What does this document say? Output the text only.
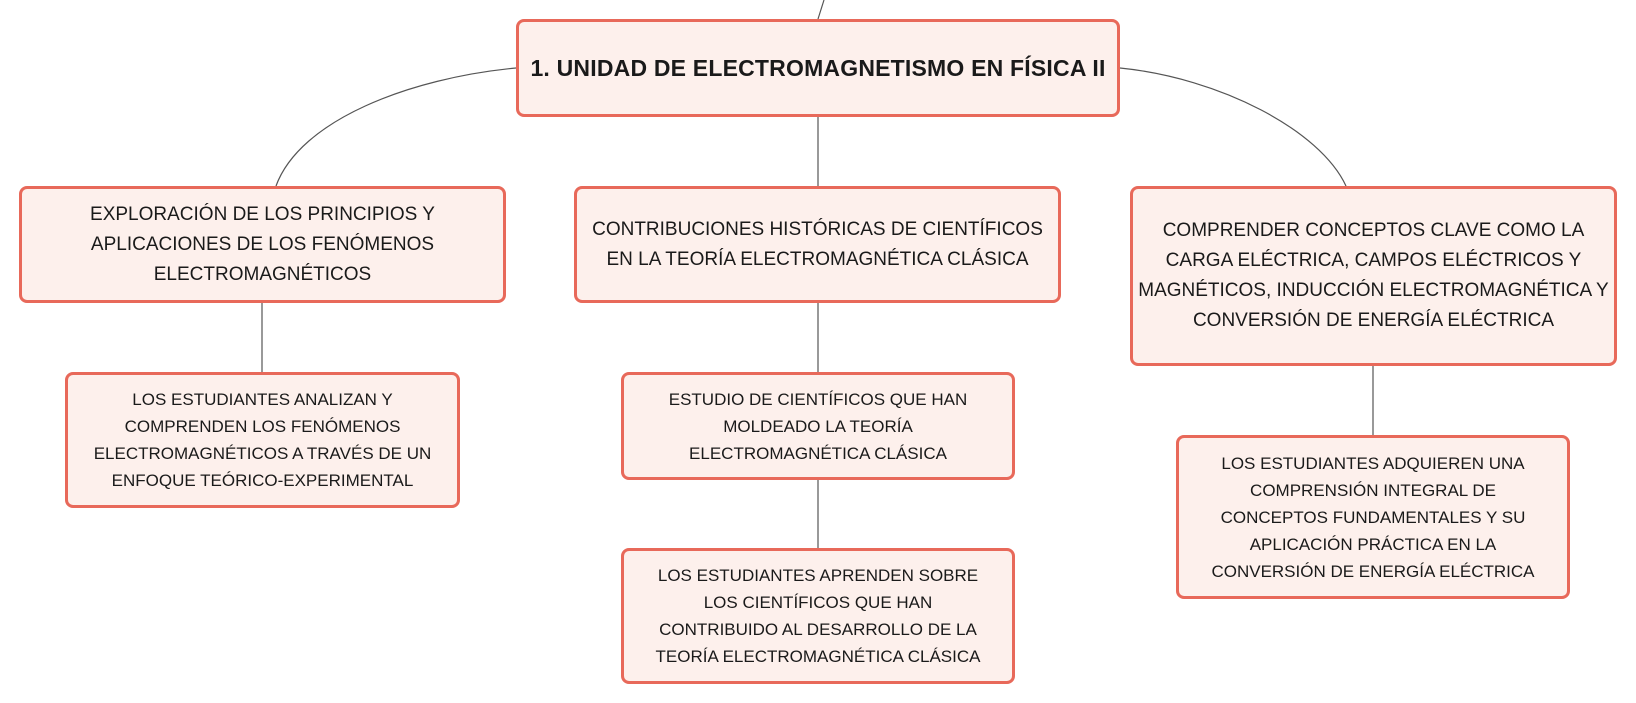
1. UNIDAD DE ELECTROMAGNETISMO EN FÍSICA II
EXPLORACIÓN DE LOS PRINCIPIOS Y APLICACIONES DE LOS FENÓMENOS ELECTROMAGNÉTICOS
CONTRIBUCIONES HISTÓRICAS DE CIENTÍFICOS EN LA TEORÍA ELECTROMAGNÉTICA CLÁSICA
COMPRENDER CONCEPTOS CLAVE COMO LA CARGA ELÉCTRICA, CAMPOS ELÉCTRICOS Y MAGNÉTICOS, INDUCCIÓN ELECTROMAGNÉTICA Y CONVERSIÓN DE ENERGÍA ELÉCTRICA
LOS ESTUDIANTES ANALIZAN Y COMPRENDEN LOS FENÓMENOS ELECTROMAGNÉTICOS A TRAVÉS DE UN ENFOQUE TEÓRICO-EXPERIMENTAL
ESTUDIO DE CIENTÍFICOS QUE HAN MOLDEADO LA TEORÍA ELECTROMAGNÉTICA CLÁSICA
LOS ESTUDIANTES APRENDEN SOBRE LOS CIENTÍFICOS QUE HAN CONTRIBUIDO AL DESARROLLO DE LA TEORÍA ELECTROMAGNÉTICA CLÁSICA
LOS ESTUDIANTES ADQUIEREN UNA COMPRENSIÓN INTEGRAL DE CONCEPTOS FUNDAMENTALES Y SU APLICACIÓN PRÁCTICA EN LA CONVERSIÓN DE ENERGÍA ELÉCTRICA
